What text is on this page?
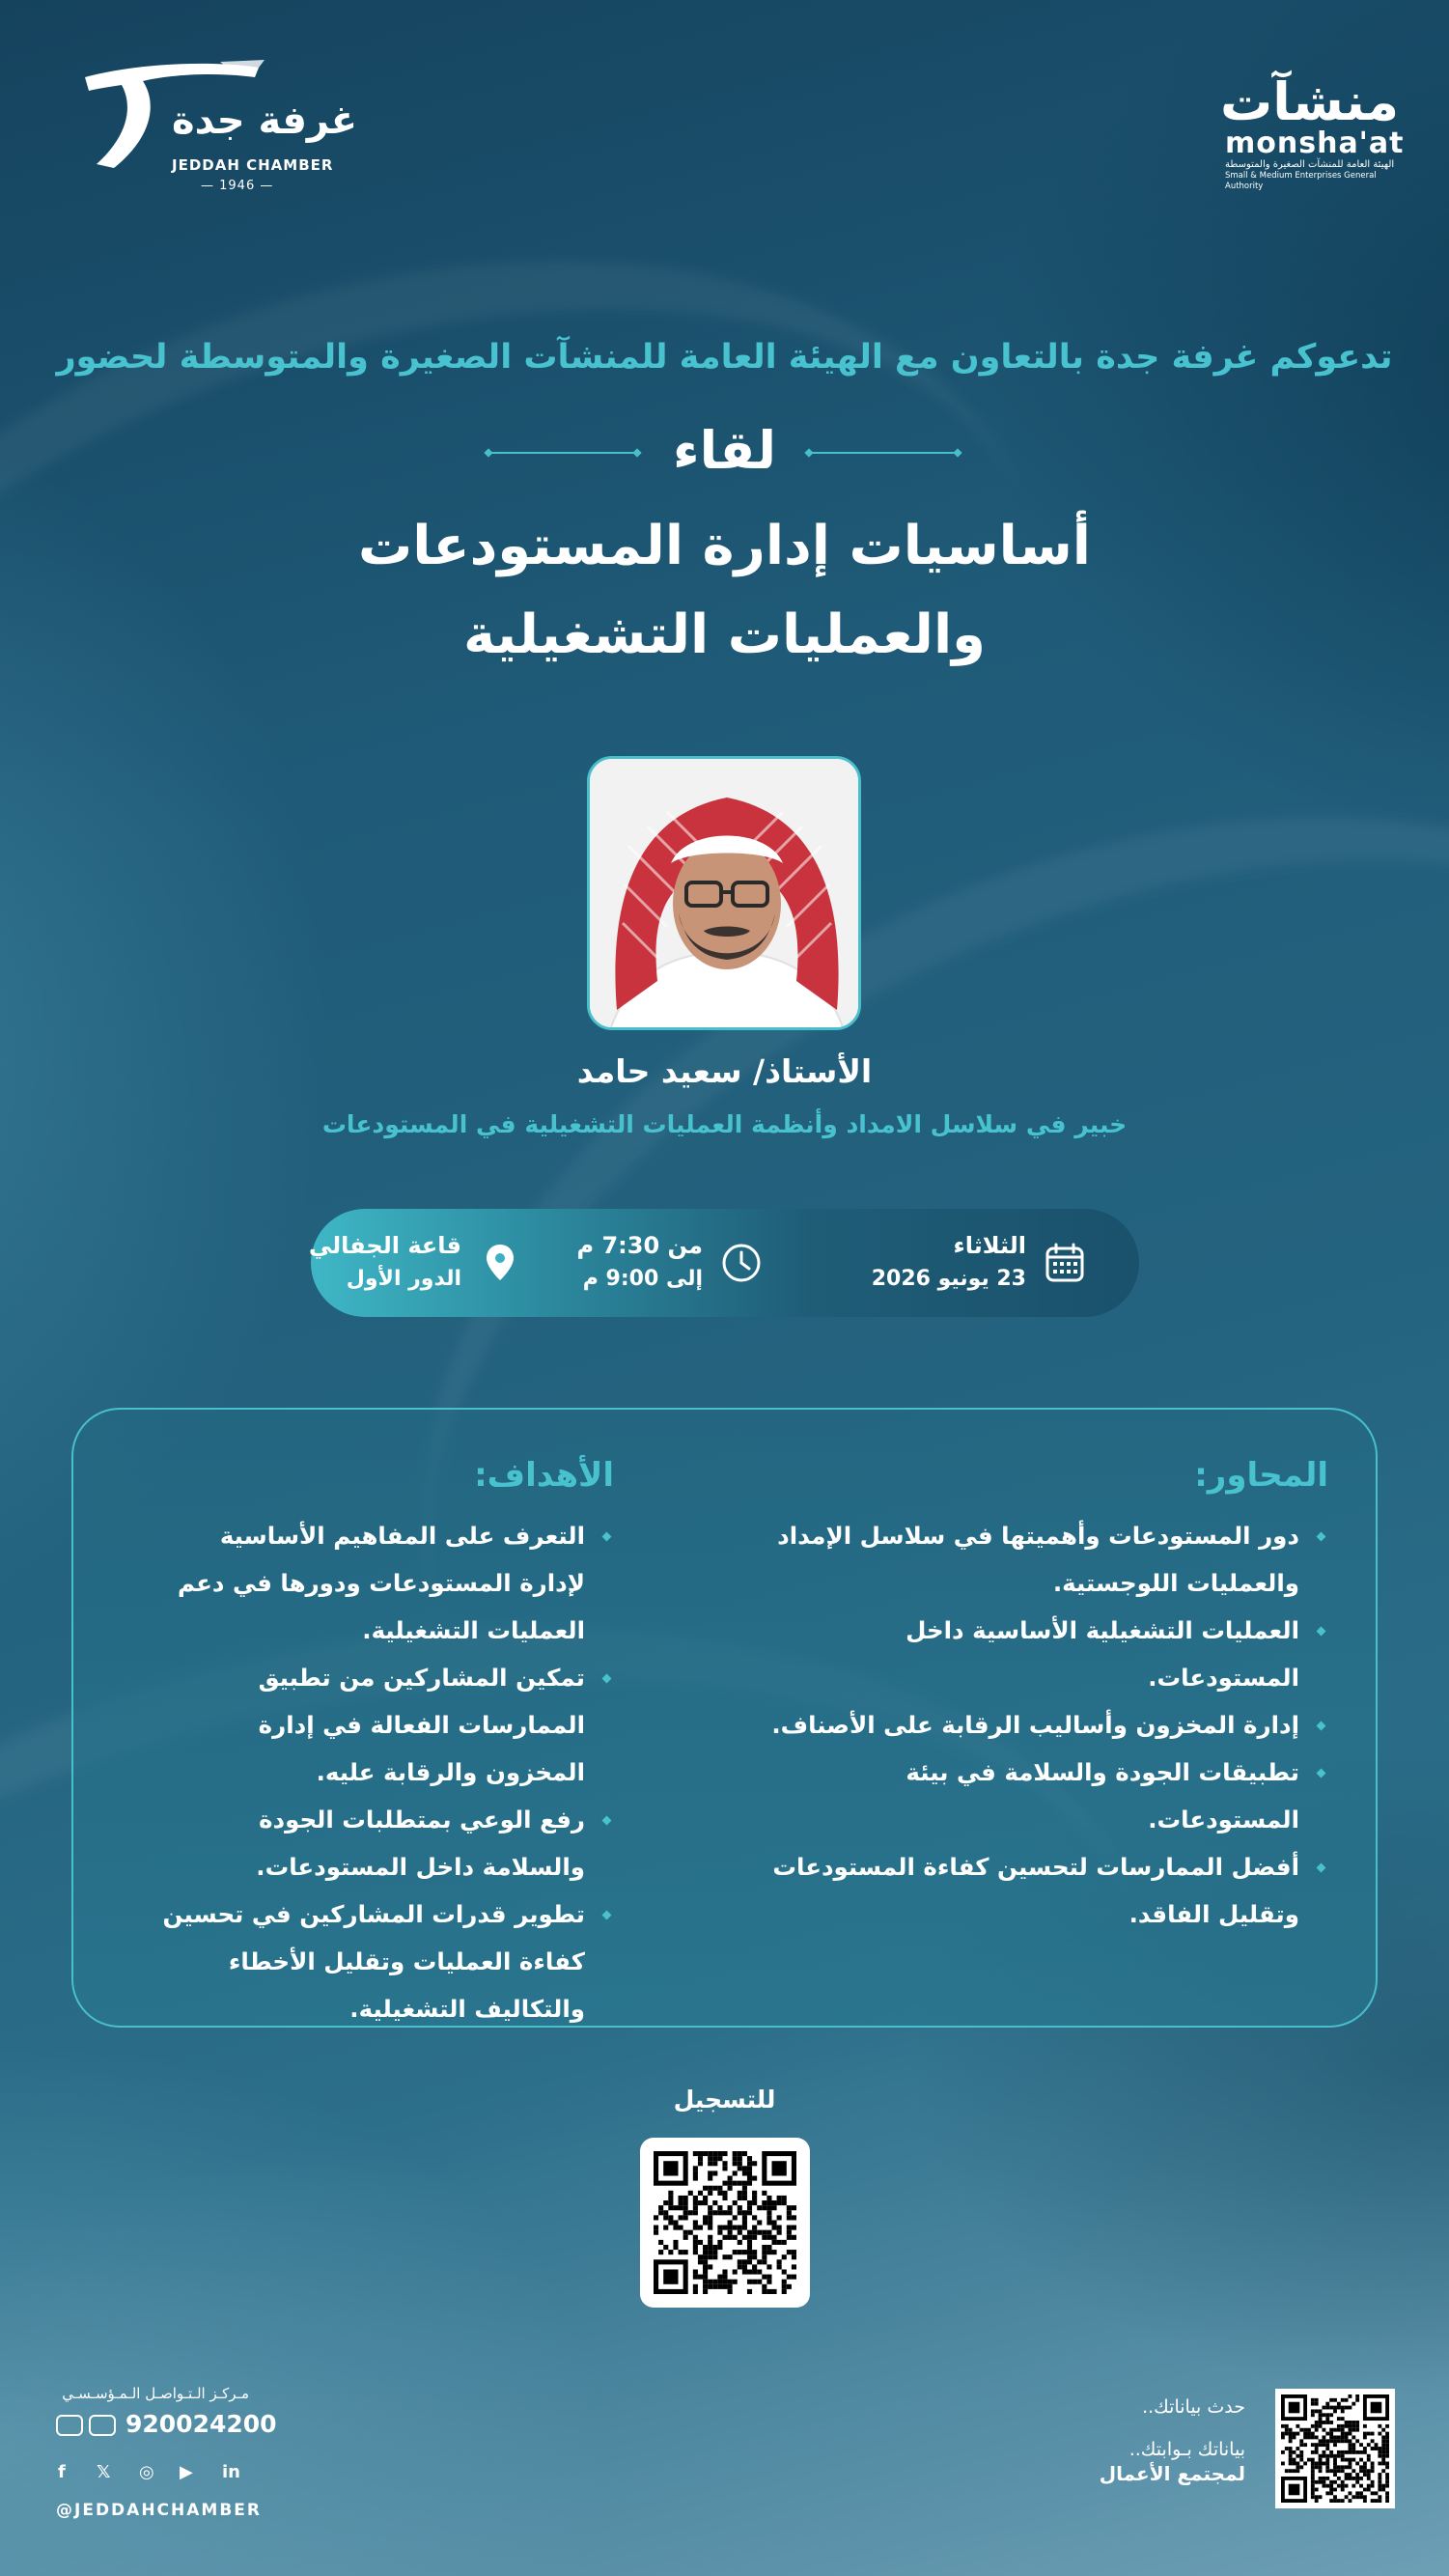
غرفة جدة
JEDDAH CHAMBER
— 1946 —
منشآت
monsha'at
الهيئة العامة للمنشآت الصغيرة والمتوسطة
Small & Medium Enterprises General Authority
تدعوكم غرفة جدة بالتعاون مع الهيئة العامة للمنشآت الصغيرة والمتوسطة لحضور
لقاء
أساسيات إدارة المستودعات
والعمليات التشغيلية
الأستاذ/ سعيد حامد
خبير في سلاسل الامداد وأنظمة العمليات التشغيلية في المستودعات
الثلاثاء
23 يونيو 2026
من 7:30 م
إلى 9:00 م
قاعة الجفالي
الدور الأول
المحاور:
دور المستودعات وأهميتها في سلاسل الإمداد والعمليات اللوجستية.
العمليات التشغيلية الأساسية داخل المستودعات.
إدارة المخزون وأساليب الرقابة على الأصناف.
تطبيقات الجودة والسلامة في بيئة المستودعات.
أفضل الممارسات لتحسين كفاءة المستودعات وتقليل الفاقد.
الأهداف:
التعرف على المفاهيم الأساسية لإدارة المستودعات ودورها في دعم العمليات التشغيلية.
تمكين المشاركين من تطبيق الممارسات الفعالة في إدارة المخزون والرقابة عليه.
رفع الوعي بمتطلبات الجودة والسلامة داخل المستودعات.
تطوير قدرات المشاركين في تحسين كفاءة العمليات وتقليل الأخطاء والتكاليف التشغيلية.
للتسجيل
مـركـز الـتـواصـل الـمـؤسـسـي
920024200
f 𝕏 ◎ ▶ in
@JEDDAHCHAMBER
حدث بياناتك..
بياناتك بـوابتك..
لمجتمع الأعمال
